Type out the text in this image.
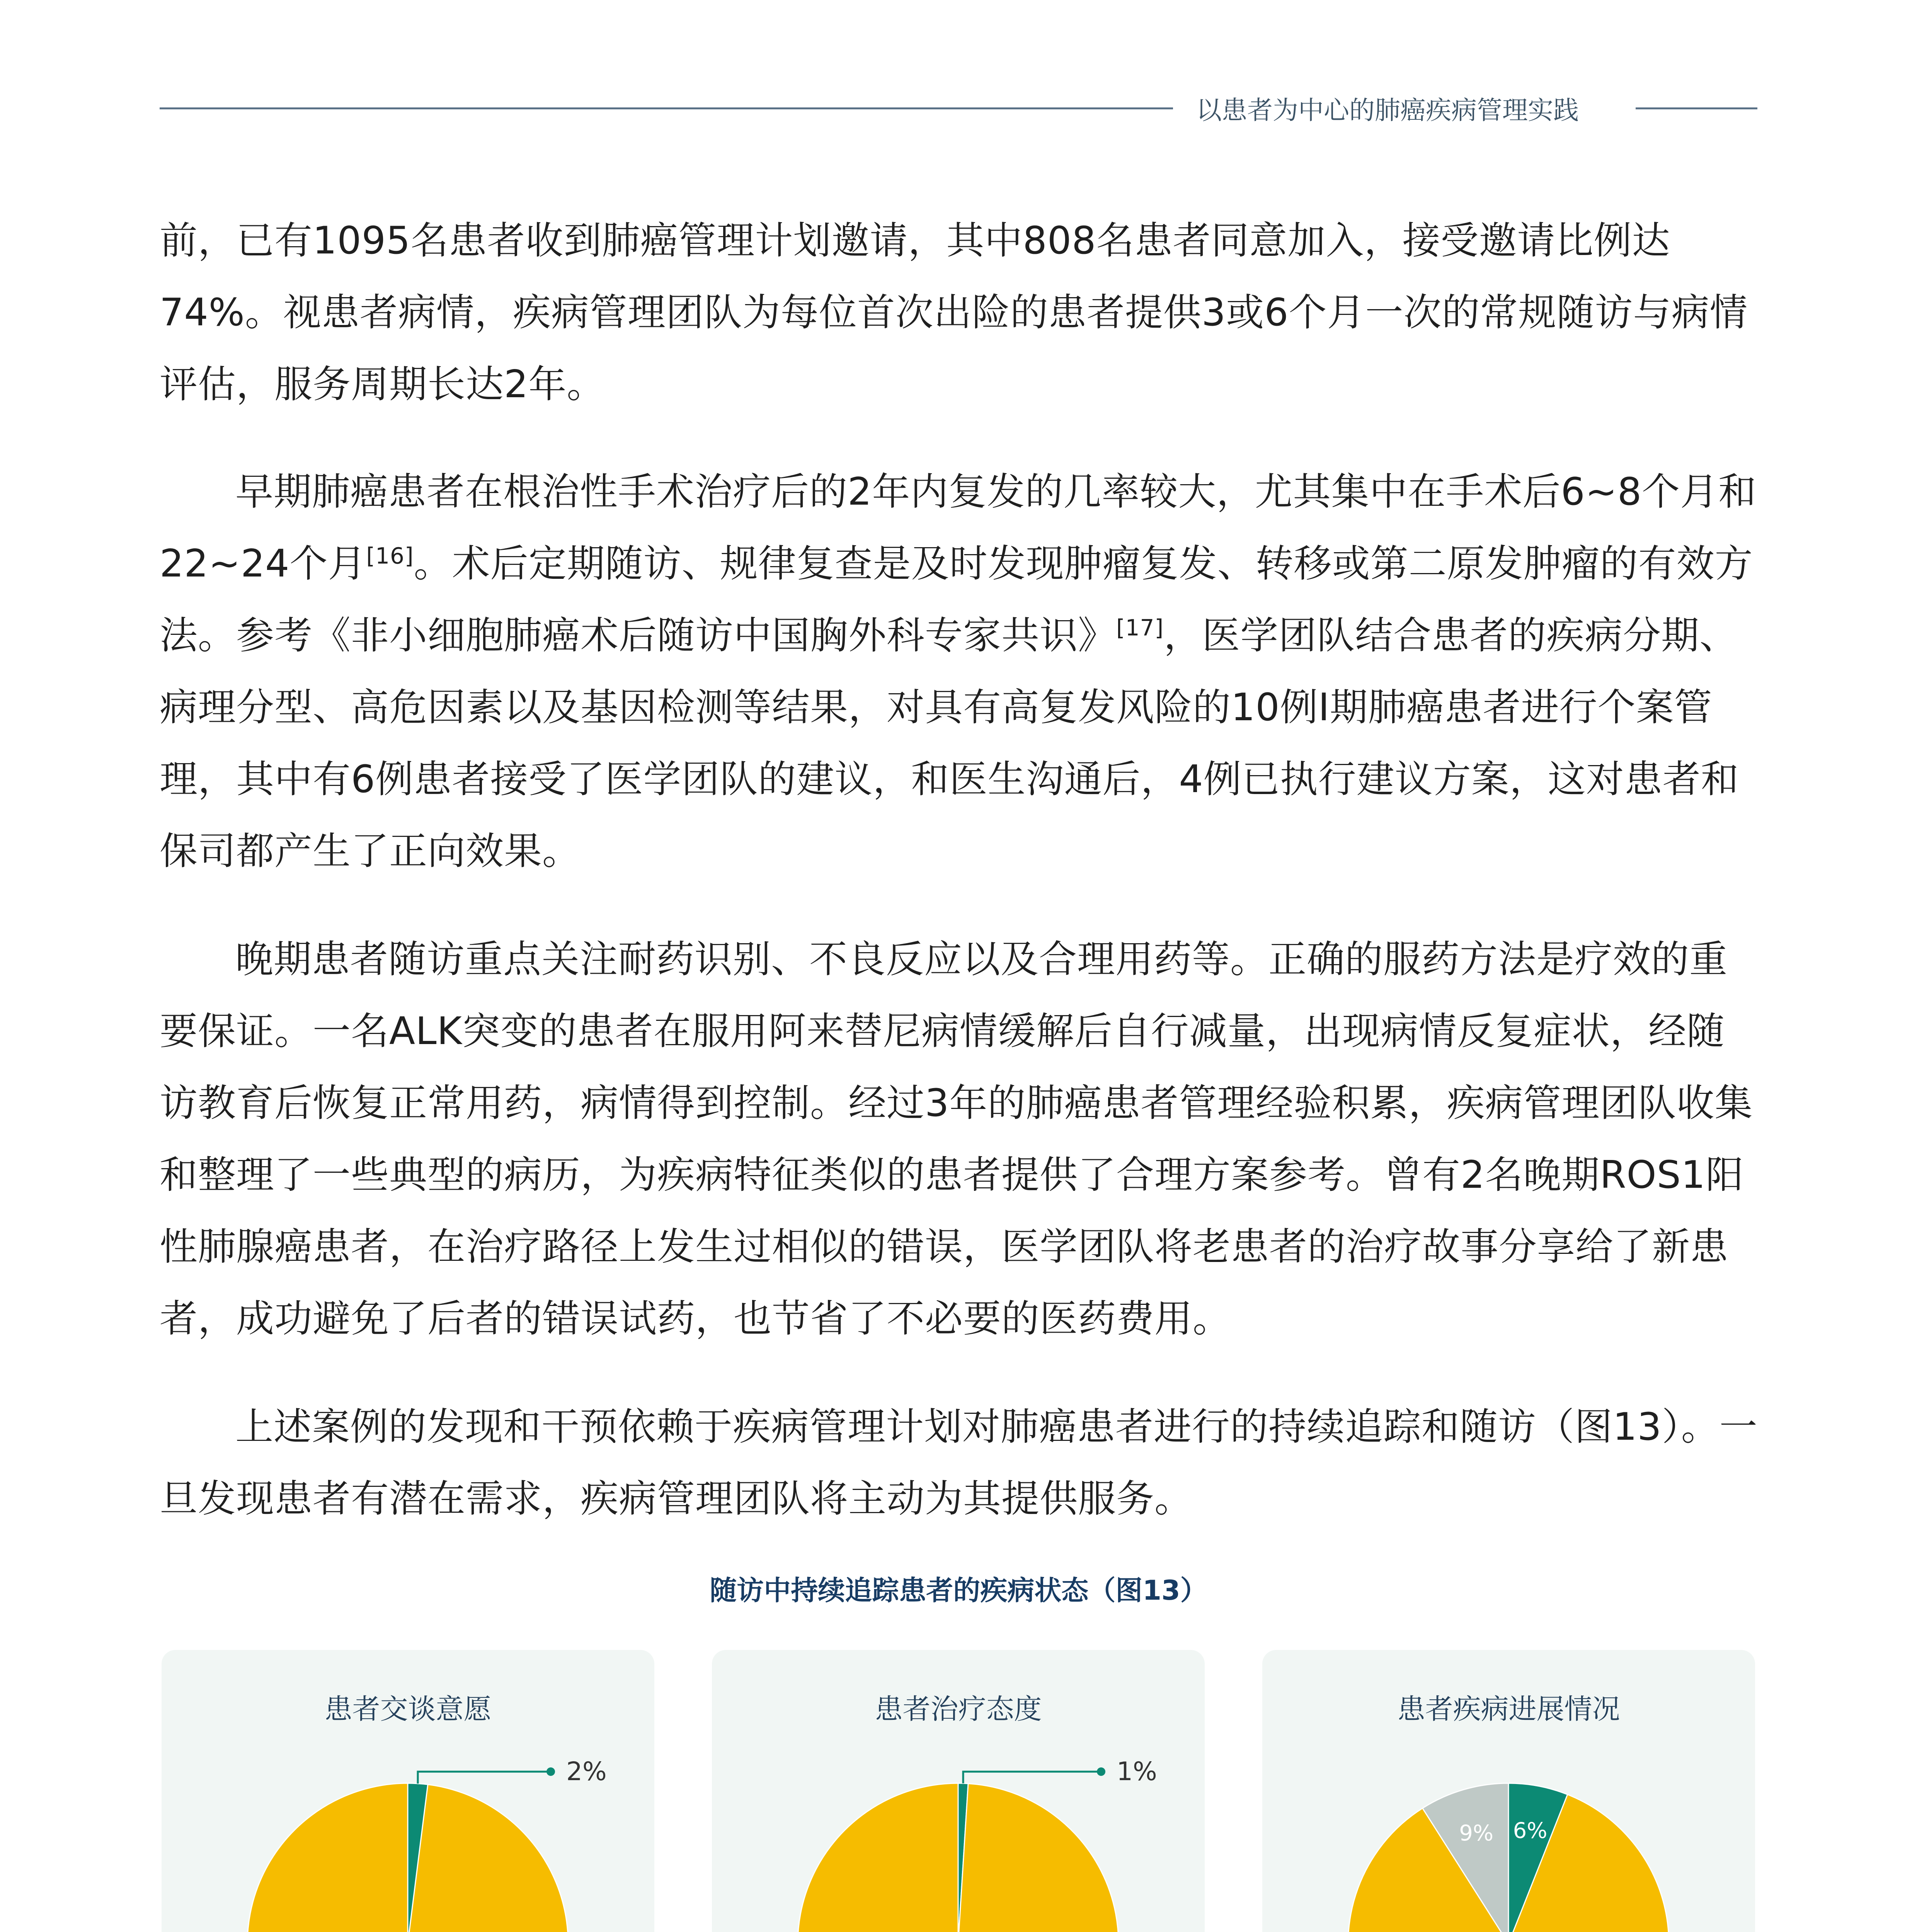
以患者为中心的肺癌疾病管理实践

前，已有1095名患者收到肺癌管理计划邀请，其中808名患者同意加入，接受邀请比例达74%。视患者病情，疾病管理团队为每位首次出险的患者提供3或6个月一次的常规随访与病情评估，服务周期长达2年。

早期肺癌患者在根治性手术治疗后的2年内复发的几率较大，尤其集中在手术后6~8个月和22~24个月[16]。术后定期随访、规律复查是及时发现肿瘤复发、转移或第二原发肿瘤的有效方法。参考《非小细胞肺癌术后随访中国胸外科专家共识》[17]，医学团队结合患者的疾病分期、病理分型、高危因素以及基因检测等结果，对具有高复发风险的10例Ⅰ期肺癌患者进行个案管理，其中有6例患者接受了医学团队的建议，和医生沟通后，4例已执行建议方案，这对患者和保司都产生了正向效果。

晚期患者随访重点关注耐药识别、不良反应以及合理用药等。正确的服药方法是疗效的重要保证。一名ALK突变的患者在服用阿来替尼病情缓解后自行减量，出现病情反复症状，经随访教育后恢复正常用药，病情得到控制。经过3年的肺癌患者管理经验积累，疾病管理团队收集和整理了一些典型的病历，为疾病特征类似的患者提供了合理方案参考。曾有2名晚期ROS1阳性肺腺癌患者，在治疗路径上发生过相似的错误，医学团队将老患者的治疗故事分享给了新患者，成功避免了后者的错误试药，也节省了不必要的医药费用。

上述案例的发现和干预依赖于疾病管理计划对肺癌患者进行的持续追踪和随访（图13）。一旦发现患者有潜在需求，疾病管理团队将主动为其提供服务。

随访中持续追踪患者的疾病状态（图13）
患者交谈意愿
2%
患者治疗态度
1%
患者疾病进展情况
6%
9%
